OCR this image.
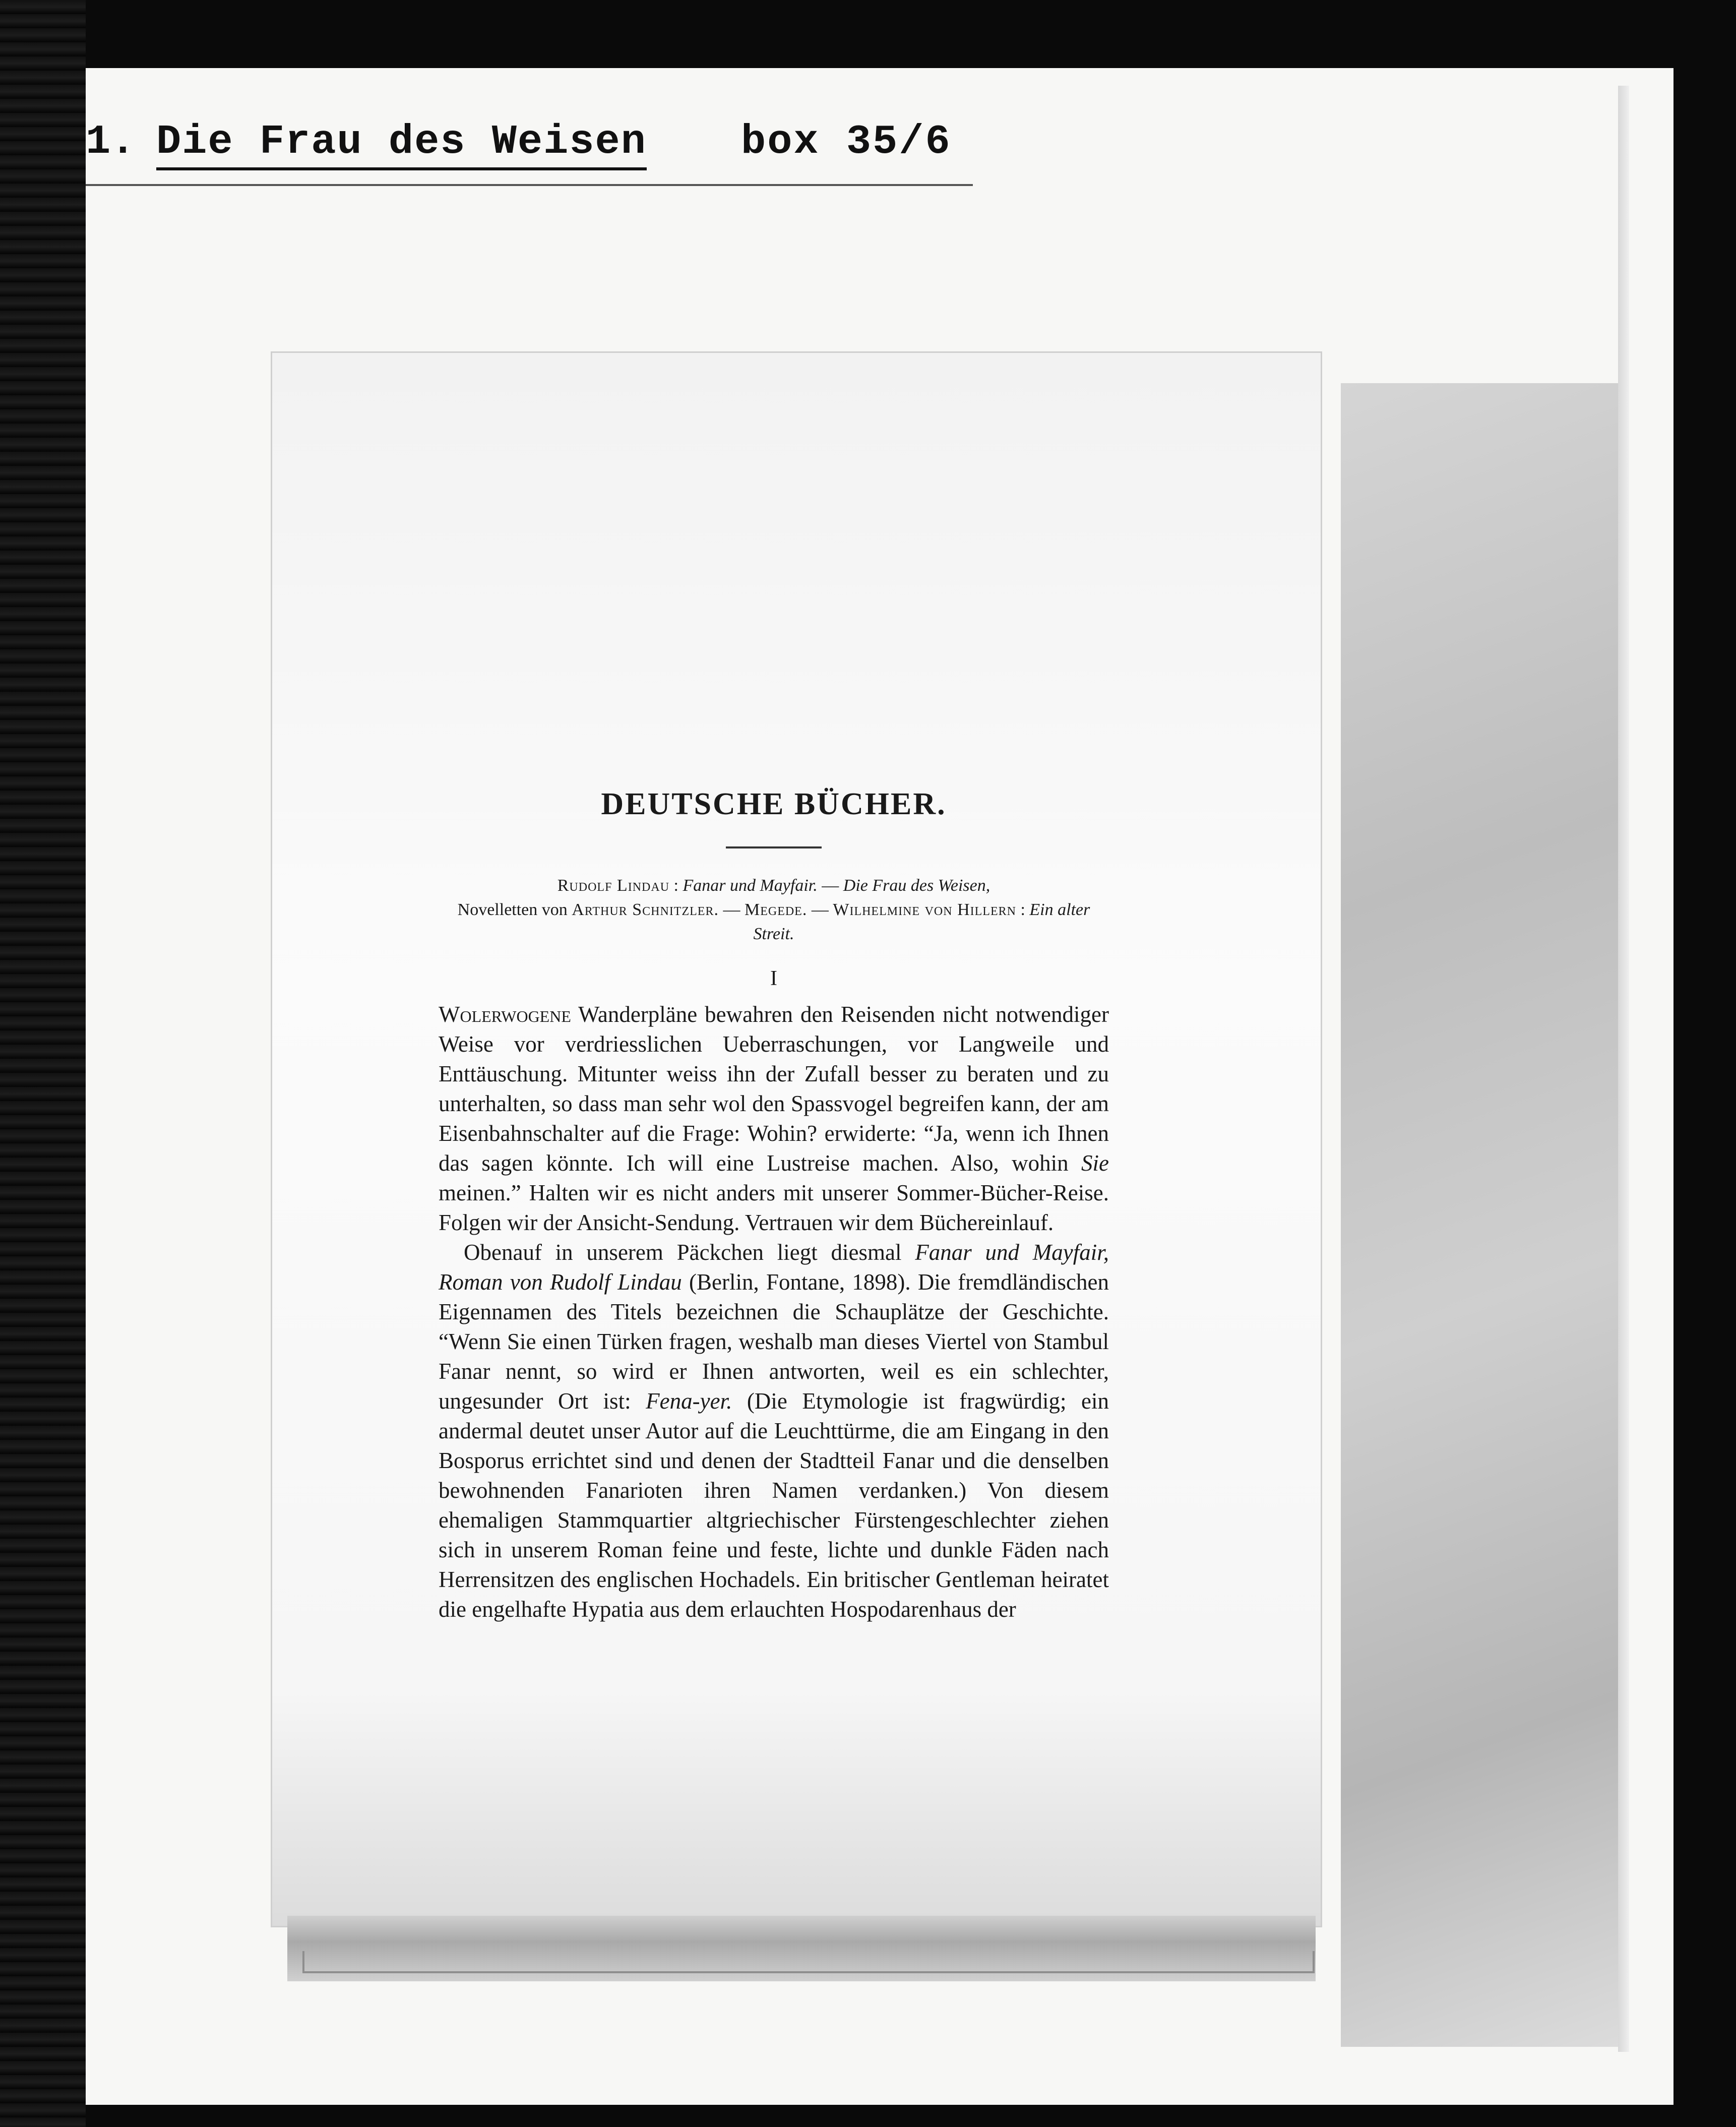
1. Die Frau des Weisen box 35/6
DEUTSCHE BÜCHER.

Rudolf Lindau : Fanar und Mayfair. — Die Frau des Weisen,
Novelletten von Arthur Schnitzler. — Megede. — Wilhelmine von Hillern : Ein alter Streit.

I

Wolerwogene Wanderpläne bewahren den Reisenden nicht notwendiger Weise vor verdriesslichen Ueberraschungen, vor Langweile und Enttäuschung. Mitunter weiss ihn der Zufall besser zu beraten und zu unterhalten, so dass man sehr wol den Spassvogel begreifen kann, der am Eisenbahnschalter auf die Frage: Wohin? erwiderte: “Ja, wenn ich Ihnen das sagen könnte. Ich will eine Lustreise machen. Also, wohin Sie meinen.” Halten wir es nicht anders mit unserer Sommer-Bücher-Reise. Folgen wir der Ansicht-Sendung. Vertrauen wir dem Büchereinlauf.

Obenauf in unserem Päckchen liegt diesmal Fanar und Mayfair, Roman von Rudolf Lindau (Berlin, Fontane, 1898). Die fremdländischen Eigennamen des Titels bezeichnen die Schauplätze der Geschichte. “Wenn Sie einen Türken fragen, weshalb man dieses Viertel von Stambul Fanar nennt, so wird er Ihnen antworten, weil es ein schlechter, ungesunder Ort ist: Fena-yer. (Die Etymologie ist fragwürdig; ein andermal deutet unser Autor auf die Leuchttürme, die am Eingang in den Bosporus errichtet sind und denen der Stadtteil Fanar und die denselben bewohnenden Fanarioten ihren Namen verdanken.) Von diesem ehemaligen Stammquartier altgriechischer Fürstengeschlechter ziehen sich in unserem Roman feine und feste, lichte und dunkle Fäden nach Herrensitzen des englischen Hochadels. Ein britischer Gentleman heiratet die engelhafte Hypatia aus dem erlauchten Hospodarenhaus der
